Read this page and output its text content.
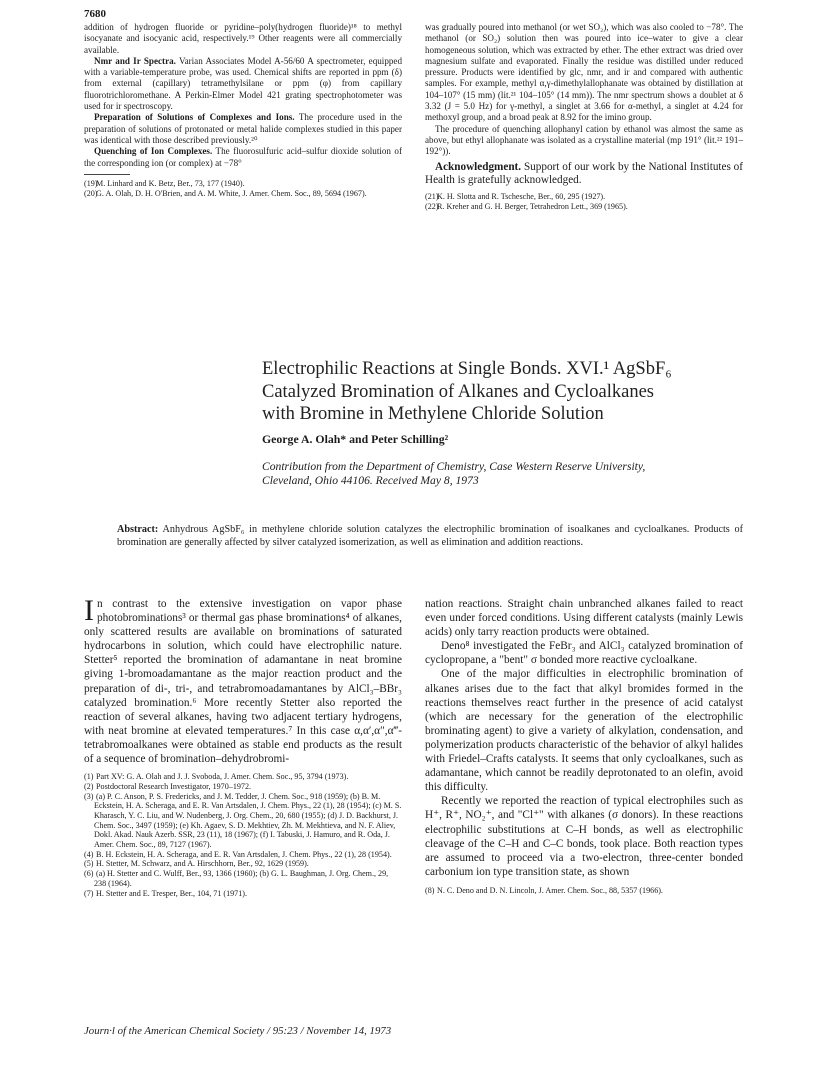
7680

addition of hydrogen fluoride or pyridine–poly(hydrogen fluoride)¹⁸ to methyl isocyanate and isocyanic acid, respectively.¹⁹ Other reagents were all commercially available.

Nmr and Ir Spectra. Varian Associates Model A-56/60 A spectrometer, equipped with a variable-temperature probe, was used. Chemical shifts are reported in ppm (δ) from external (capillary) tetramethylsilane or ppm (φ) from capillary fluorotrichloromethane. A Perkin-Elmer Model 421 grating spectrophotometer was used for ir spectroscopy.

Preparation of Solutions of Complexes and Ions. The procedure used in the preparation of solutions of protonated or metal halide complexes studied in this paper was identical with those described previously.²⁰

Quenching of Ion Complexes. The fluorosulfuric acid–sulfur dioxide solution of the corresponding ion (or complex) at −78°

(19) M. Linhard and K. Betz, Ber., 73, 177 (1940).

(20) G. A. Olah, D. H. O'Brien, and A. M. White, J. Amer. Chem. Soc., 89, 5694 (1967).

was gradually poured into methanol (or wet SO₂), which was also cooled to −78°. The methanol (or SO₂) solution then was poured into ice–water to give a clear homogeneous solution, which was extracted by ether. The ether extract was dried over magnesium sulfate and evaporated. Finally the residue was distilled under reduced pressure. Products were identified by glc, nmr, and ir and compared with authentic samples. For example, methyl α,γ-dimethylallophanate was obtained by distillation at 104–107° (15 mm) (lit.²¹ 104–105° (14 mm)). The nmr spectrum shows a doublet at δ 3.32 (J = 5.0 Hz) for γ-methyl, a singlet at 3.66 for α-methyl, a singlet at 4.24 for methoxyl group, and a broad peak at 8.92 for the imino group.

The procedure of quenching allophanyl cation by ethanol was almost the same as above, but ethyl allophanate was isolated as a crystalline material (mp 191° (lit.²² 191–192°)).

Acknowledgment. Support of our work by the National Institutes of Health is gratefully acknowledged.

(21) K. H. Slotta and R. Tschesche, Ber., 60, 295 (1927).

(22) R. Kreher and G. H. Berger, Tetrahedron Lett., 369 (1965).

Electrophilic Reactions at Single Bonds. XVI.¹ AgSbF₆
Catalyzed Bromination of Alkanes and Cycloalkanes
with Bromine in Methylene Chloride Solution
George A. Olah* and Peter Schilling²
Contribution from the Department of Chemistry, Case Western Reserve University,
Cleveland, Ohio 44106. Received May 8, 1973
Abstract: Anhydrous AgSbF₆ in methylene chloride solution catalyzes the electrophilic bromination of isoalkanes and cycloalkanes. Products of bromination are generally affected by silver catalyzed isomerization, as well as elimination and addition reactions.

In contrast to the extensive investigation on vapor phase photobrominations³ or thermal gas phase brominations⁴ of alkanes, only scattered results are available on brominations of saturated hydrocarbons in solution, which could have electrophilic nature. Stetter⁵ reported the bromination of adamantane in neat bromine giving 1-bromoadamantane as the major reaction product and the preparation of di-, tri-, and tetrabromoadamantanes by AlCl₃–BBr₃ catalyzed bromination.⁶ More recently Stetter also reported the reaction of several alkanes, having two adjacent tertiary hydrogens, with neat bromine at elevated temperatures.⁷ In this case α,α′,α″,α‴-tetrabromoalkanes were obtained as stable end products as the result of a sequence of bromination–dehydrobromi-

(1) Part XV: G. A. Olah and J. J. Svoboda, J. Amer. Chem. Soc., 95, 3794 (1973).

(2) Postdoctoral Research Investigator, 1970–1972.

(3) (a) P. C. Anson, P. S. Fredericks, and J. M. Tedder, J. Chem. Soc., 918 (1959); (b) B. M. Eckstein, H. A. Scheraga, and E. R. Van Artsdalen, J. Chem. Phys., 22 (1), 28 (1954); (c) M. S. Kharasch, Y. C. Liu, and W. Nudenberg, J. Org. Chem., 20, 680 (1955); (d) J. D. Backhurst, J. Chem. Soc., 3497 (1959); (e) Kh. Agaev, S. D. Mekhtiev, Zh. M. Mekhtieva, and N. F. Aliev, Dokl. Akad. Nauk Azerb. SSR, 23 (11), 18 (1967); (f) I. Tabuski, J. Hamuro, and R. Oda, J. Amer. Chem. Soc., 89, 7127 (1967).

(4) B. H. Eckstein, H. A. Scheraga, and E. R. Van Artsdalen, J. Chem. Phys., 22 (1), 28 (1954).

(5) H. Stetter, M. Schwarz, and A. Hirschhorn, Ber., 92, 1629 (1959).

(6) (a) H. Stetter and C. Wulff, Ber., 93, 1366 (1960); (b) G. L. Baughman, J. Org. Chem., 29, 238 (1964).

(7) H. Stetter and E. Tresper, Ber., 104, 71 (1971).

nation reactions. Straight chain unbranched alkanes failed to react even under forced conditions. Using different catalysts (mainly Lewis acids) only tarry reaction products were obtained.

Deno⁸ investigated the FeBr₃ and AlCl₃ catalyzed bromination of cyclopropane, a "bent" σ bonded more reactive cycloalkane.

One of the major difficulties in electrophilic bromination of alkanes arises due to the fact that alkyl bromides formed in the reactions themselves react further in the presence of acid catalyst (which are necessary for the generation of the electrophilic brominating agent) to give a variety of alkylation, condensation, and polymerization products characteristic of the behavior of alkyl halides with Friedel–Crafts catalysts. It seems that only cycloalkanes, such as adamantane, which cannot be readily deprotonated to an olefin, avoid this difficulty.

Recently we reported the reaction of typical electrophiles such as H⁺, R⁺, NO₂⁺, and "Cl⁺" with alkanes (σ donors). In these reactions electrophilic substitutions at C–H bonds, as well as electrophilic cleavage of the C–H and C–C bonds, took place. Both reaction types are assumed to proceed via a two-electron, three-center bonded carbonium ion type transition state, as shown

(8) N. C. Deno and D. N. Lincoln, J. Amer. Chem. Soc., 88, 5357 (1966).

Journ·l of the American Chemical Society / 95:23 / November 14, 1973
